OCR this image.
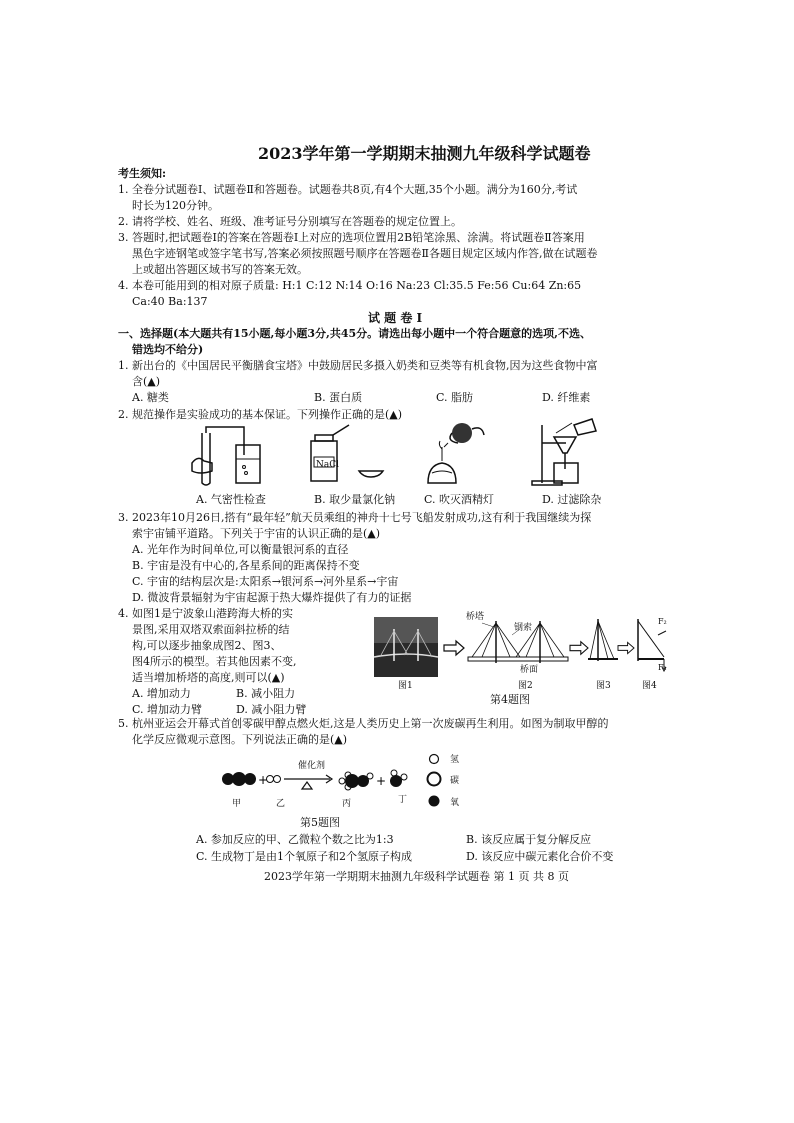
2023学年第一学期期末抽测九年级科学试题卷
考生须知:
1. 全卷分试题卷Ⅰ、试题卷Ⅱ和答题卷。试题卷共8页,有4个大题,35个小题。满分为160分,考试
时长为120分钟。
2. 请将学校、姓名、班级、准考证号分别填写在答题卷的规定位置上。
3. 答题时,把试题卷Ⅰ的答案在答题卷Ⅰ上对应的选项位置用2B铅笔涂黑、涂满。将试题卷Ⅱ答案用
黑色字迹钢笔或签字笔书写,答案必须按照题号顺序在答题卷Ⅱ各题目规定区域内作答,做在试题卷
上或超出答题区域书写的答案无效。
4. 本卷可能用到的相对原子质量: H:1 C:12 N:14 O:16 Na:23 Cl:35.5 Fe:56 Cu:64 Zn:65
Ca:40 Ba:137
试 题 卷 Ⅰ
一、选择题(本大题共有15小题,每小题3分,共45分。请选出每小题中一个符合题意的选项,不选、
错选均不给分)
1. 新出台的《中国居民平衡膳食宝塔》中鼓励居民多摄入奶类和豆类等有机食物,因为这些食物中富
含(▲)
A. 糖类	B. 蛋白质	C. 脂肪	D. 纤维素
2. 规范操作是实验成功的基本保证。下列操作正确的是(▲)
NaCl
A. 气密性检查	B. 取少量氯化钠	C. 吹灭酒精灯	D. 过滤除杂
3. 2023年10月26日,搭有“最年轻”航天员乘组的神舟十七号飞船发射成功,这有利于我国继续为探
索宇宙铺平道路。下列关于宇宙的认识正确的是(▲)
A. 光年作为时间单位,可以衡量银河系的直径
B. 宇宙是没有中心的,各星系间的距离保持不变
C. 宇宙的结构层次是:太阳系→银河系→河外星系→宇宙
D. 微波背景辐射为宇宙起源于热大爆炸提供了有力的证据
4. 如图1是宁波象山港跨海大桥的实
景图,采用双塔双索面斜拉桥的结
构,可以逐步抽象成图2、图3、
图4所示的模型。若其他因素不变,
适当增加桥塔的高度,则可以(▲)
A. 增加动力	B. 减小阻力
C. 增加动力臂	D. 减小阻力臂
图1
桥塔
钢索
桥面
图2	图3
F₂
F₁
图4
第4题图
5. 杭州亚运会开幕式首创零碳甲醇点燃火炬,这是人类历史上第一次废碳再生利用。如图为制取甲醇的
化学反应微观示意图。下列说法正确的是(▲)
+	+
催化剂
甲	乙	丙	丁
氢
碳
氧
第5题图
A. 参加反应的甲、乙微粒个数之比为1:3	B. 该反应属于复分解反应
C. 生成物丁是由1个氧原子和2个氢原子构成	D. 该反应中碳元素化合价不变
2023学年第一学期期末抽测九年级科学试题卷 第 1 页 共 8 页
